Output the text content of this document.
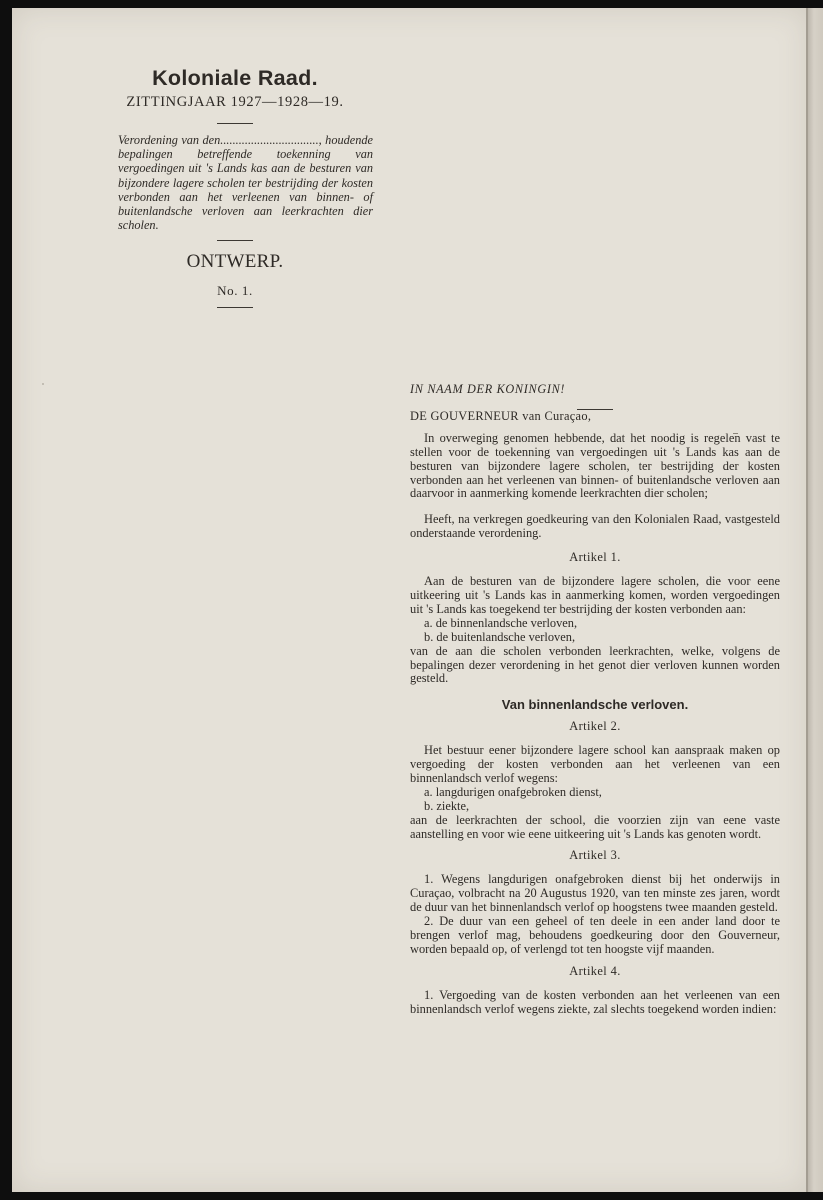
Koloniale Raad.
ZITTINGJAAR 1927—1928—19.
Verordening van den................................, houdende bepalingen betreffende toekenning van vergoedingen uit 's Lands kas aan de besturen van bijzondere lagere scholen ter bestrijding der kosten verbonden aan het verleenen van binnen- of buitenlandsche verloven aan leerkrachten dier scholen.
ONTWERP.
No. 1.

IN NAAM DER KONINGIN!

DE GOUVERNEUR van Curaçao,

In overweging genomen hebbende, dat het noodig is regelen vast te stellen voor de toekenning van vergoedingen uit 's Lands kas aan de besturen van bijzondere lagere scholen, ter bestrijding der kosten verbonden aan het verleenen van binnen- of buitenlandsche verloven aan daarvoor in aanmerking komende leerkrachten dier scholen;

Heeft, na verkregen goedkeuring van den Kolonialen Raad, vastgesteld onderstaande verordening.

Artikel 1.

Aan de besturen van de bijzondere lagere scholen, die voor eene uitkeering uit 's Lands kas in aanmerking komen, worden vergoedingen uit 's Lands kas toegekend ter bestrijding der kosten verbonden aan:

a. de binnenlandsche verloven,

b. de buitenlandsche verloven,

van de aan die scholen verbonden leerkrachten, welke, volgens de bepalingen dezer verordening in het genot dier verloven kunnen worden gesteld.

Van binnenlandsche verloven.

Artikel 2.

Het bestuur eener bijzondere lagere school kan aanspraak maken op vergoeding der kosten verbonden aan het verleenen van een binnenlandsch verlof wegens:

a. langdurigen onafgebroken dienst,

b. ziekte,

aan de leerkrachten der school, die voorzien zijn van eene vaste aanstelling en voor wie eene uitkeering uit 's Lands kas genoten wordt.

Artikel 3.

1. Wegens langdurigen onafgebroken dienst bij het onderwijs in Curaçao, volbracht na 20 Augustus 1920, van ten minste zes jaren, wordt de duur van het binnenlandsch verlof op hoogstens twee maanden gesteld.

2. De duur van een geheel of ten deele in een ander land door te brengen verlof mag, behoudens goedkeuring door den Gouverneur, worden bepaald op, of verlengd tot ten hoogste vijf maanden.

Artikel 4.

1. Vergoeding van de kosten verbonden aan het verleenen van een binnenlandsch verlof wegens ziekte, zal slechts toegekend worden indien:
